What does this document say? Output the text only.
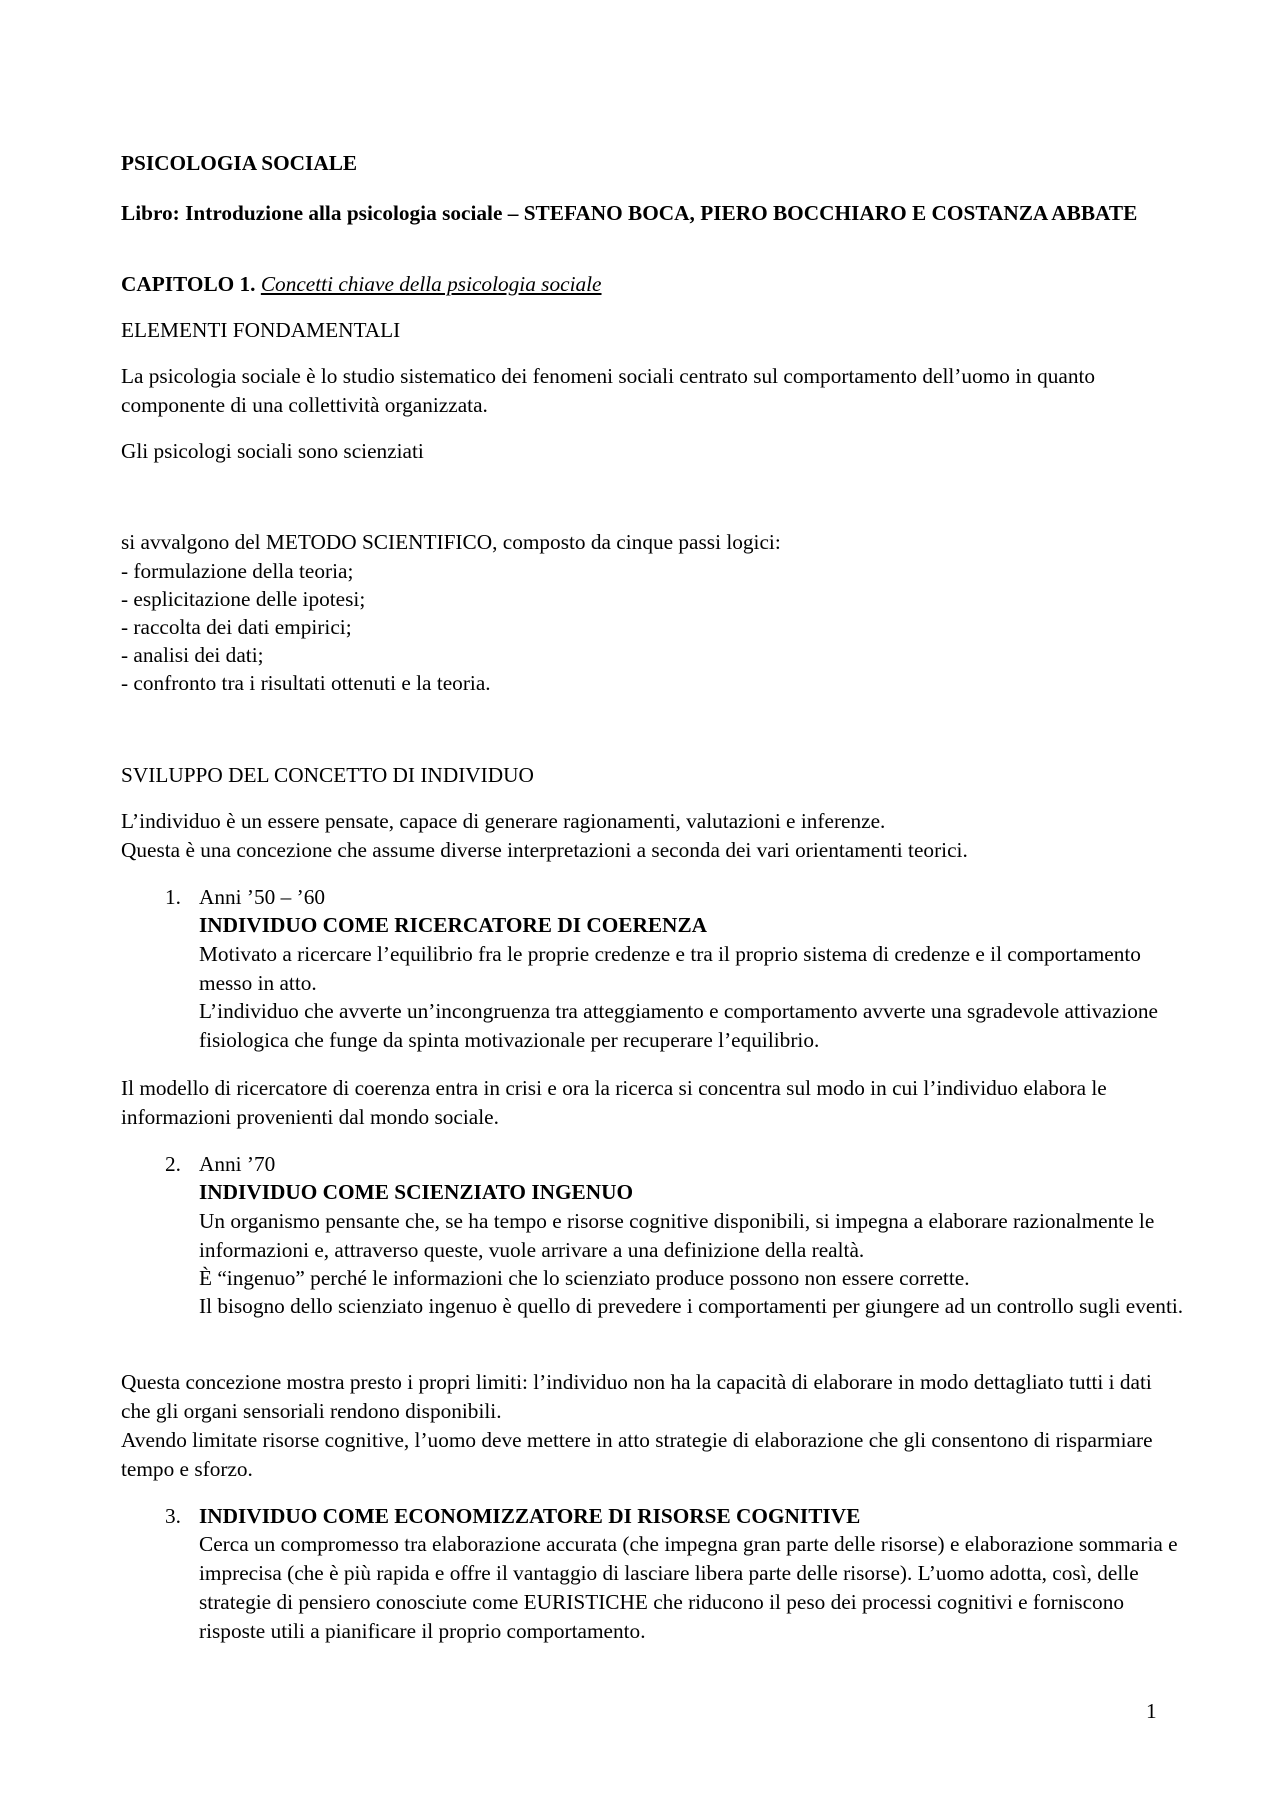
PSICOLOGIA SOCIALE

Libro: Introduzione alla psicologia sociale – STEFANO BOCA, PIERO BOCCHIARO E COSTANZA ABBATE

CAPITOLO 1. Concetti chiave della psicologia sociale

ELEMENTI FONDAMENTALI

La psicologia sociale è lo studio sistematico dei fenomeni sociali centrato sul comportamento dell’uomo in quanto componente di una collettività organizzata.

Gli psicologi sociali sono scienziati

si avvalgono del METODO SCIENTIFICO, composto da cinque passi logici:

- formulazione della teoria;

- esplicitazione delle ipotesi;

- raccolta dei dati empirici;

- analisi dei dati;

- confronto tra i risultati ottenuti e la teoria.

SVILUPPO DEL CONCETTO DI INDIVIDUO

L’individuo è un essere pensate, capace di generare ragionamenti, valutazioni e inferenze.

Questa è una concezione che assume diverse interpretazioni a seconda dei vari orientamenti teorici.

1. Anni ’50 – ’60

INDIVIDUO COME RICERCATORE DI COERENZA

Motivato a ricercare l’equilibrio fra le proprie credenze e tra il proprio sistema di credenze e il comportamento messo in atto.

L’individuo che avverte un’incongruenza tra atteggiamento e comportamento avverte una sgradevole attivazione fisiologica che funge da spinta motivazionale per recuperare l’equilibrio.

Il modello di ricercatore di coerenza entra in crisi e ora la ricerca si concentra sul modo in cui l’individuo elabora le informazioni provenienti dal mondo sociale.

2. Anni ’70

INDIVIDUO COME SCIENZIATO INGENUO

Un organismo pensante che, se ha tempo e risorse cognitive disponibili, si impegna a elaborare razionalmente le informazioni e, attraverso queste, vuole arrivare a una definizione della realtà.

È “ingenuo” perché le informazioni che lo scienziato produce possono non essere corrette.

Il bisogno dello scienziato ingenuo è quello di prevedere i comportamenti per giungere ad un controllo sugli eventi.

Questa concezione mostra presto i propri limiti: l’individuo non ha la capacità di elaborare in modo dettagliato tutti i dati che gli organi sensoriali rendono disponibili.

Avendo limitate risorse cognitive, l’uomo deve mettere in atto strategie di elaborazione che gli consentono di risparmiare tempo e sforzo.

3. INDIVIDUO COME ECONOMIZZATORE DI RISORSE COGNITIVE

Cerca un compromesso tra elaborazione accurata (che impegna gran parte delle risorse) e elaborazione sommaria e imprecisa (che è più rapida e offre il vantaggio di lasciare libera parte delle risorse). L’uomo adotta, così, delle strategie di pensiero conosciute come EURISTICHE che riducono il peso dei processi cognitivi e forniscono risposte utili a pianificare il proprio comportamento.

1
